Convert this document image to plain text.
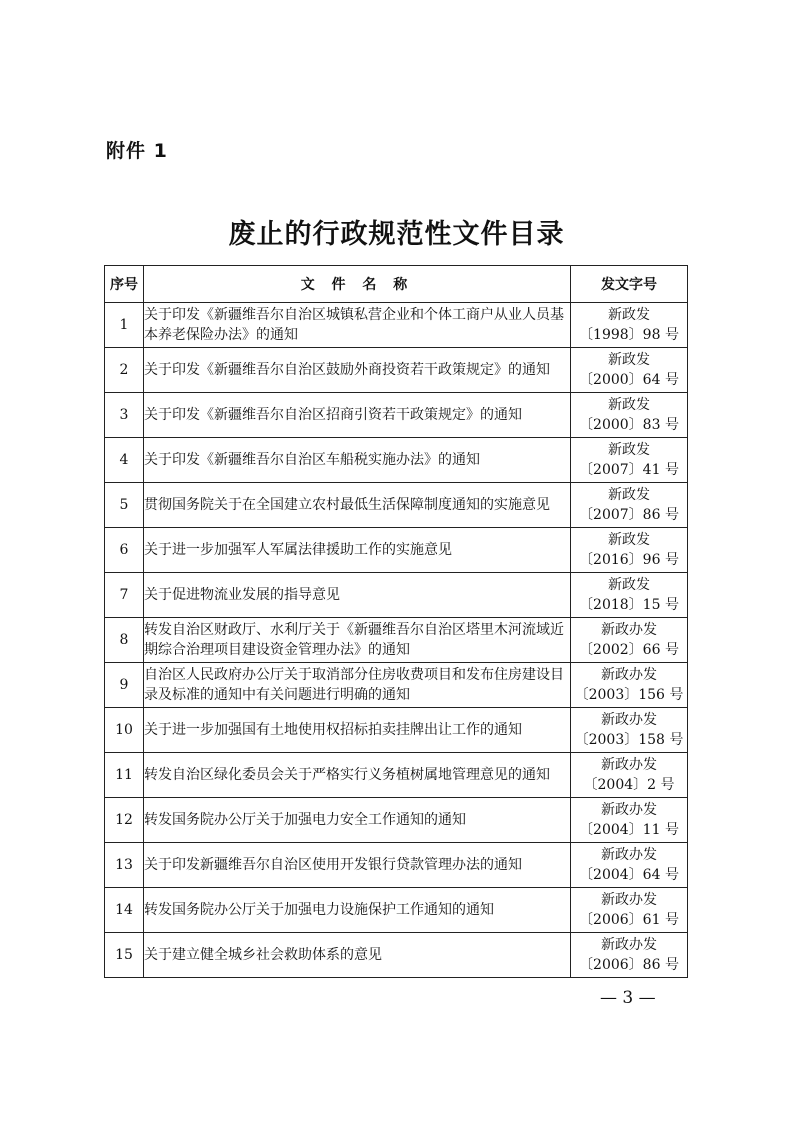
附件 1
废止的行政规范性文件目录
序号	文 件 名 称	发文字号
1	关于印发《新疆维吾尔自治区城镇私营企业和个体工商户从业人员基本养老保险办法》的通知	新政发
〔1998〕98 号

2	关于印发《新疆维吾尔自治区鼓励外商投资若干政策规定》的通知	新政发
〔2000〕64 号

3	关于印发《新疆维吾尔自治区招商引资若干政策规定》的通知	新政发
〔2000〕83 号

4	关于印发《新疆维吾尔自治区车船税实施办法》的通知	新政发
〔2007〕41 号

5	贯彻国务院关于在全国建立农村最低生活保障制度通知的实施意见	新政发
〔2007〕86 号

6	关于进一步加强军人军属法律援助工作的实施意见	新政发
〔2016〕96 号

7	关于促进物流业发展的指导意见	新政发
〔2018〕15 号

8	转发自治区财政厅、水利厅关于《新疆维吾尔自治区塔里木河流域近期综合治理项目建设资金管理办法》的通知	新政办发
〔2002〕66 号

9	自治区人民政府办公厅关于取消部分住房收费项目和发布住房建设目录及标准的通知中有关问题进行明确的通知	新政办发
〔2003〕156 号

10	关于进一步加强国有土地使用权招标拍卖挂牌出让工作的通知	新政办发
〔2003〕158 号

11	转发自治区绿化委员会关于严格实行义务植树属地管理意见的通知	新政办发
〔2004〕2 号

12	转发国务院办公厅关于加强电力安全工作通知的通知	新政办发
〔2004〕11 号

13	关于印发新疆维吾尔自治区使用开发银行贷款管理办法的通知	新政办发
〔2004〕64 号

14	转发国务院办公厅关于加强电力设施保护工作通知的通知	新政办发
〔2006〕61 号

15	关于建立健全城乡社会救助体系的意见	新政办发
〔2006〕86 号
— 3 —
